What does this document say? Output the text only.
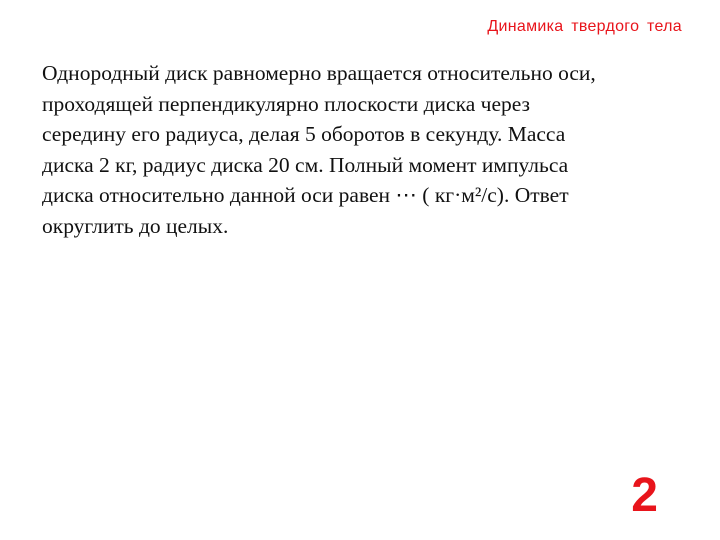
Динамика твердого тела

Однородный диск равномерно вращается относительно оси,
проходящей перпендикулярно плоскости диска через
середину его радиуса, делая 5 оборотов в секунду. Масса
диска 2 кг, радиус диска 20 см. Полный момент импульса
диска относительно данной оси равен ⋯ ( кг·м²/с). Ответ
округлить до целых.

2
